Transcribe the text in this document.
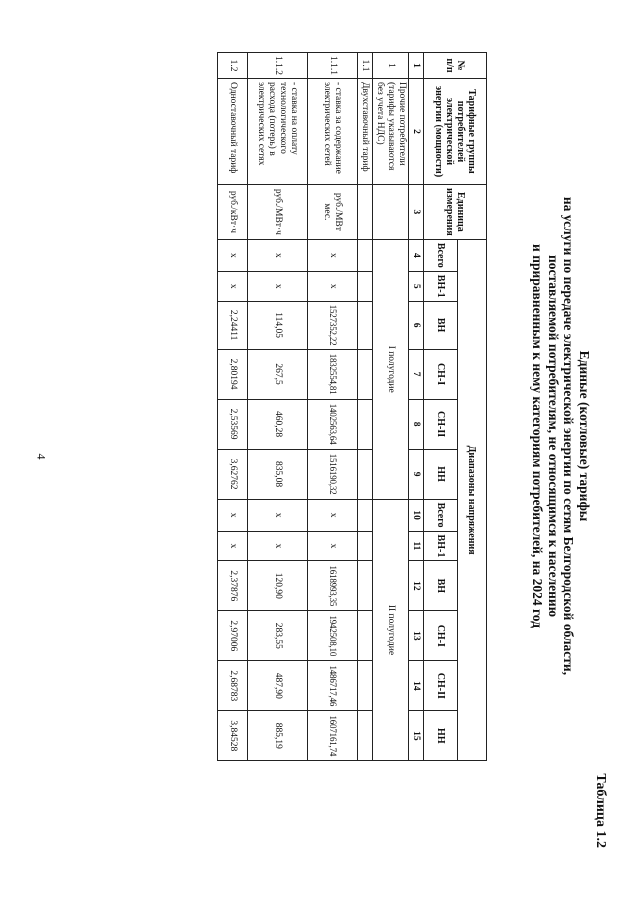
4
Таблица 1.2
Единые (котловые) тарифы
на услуги по передаче электрической энергии по сетям Белгородской области,
поставляемой потребителям, не относящимся к населению
и приравненным к нему категориям потребителей, на 2024 год
№ п/п	Тарифные группы потребителей электрической энергии (мощности)	Единица измерения	Диапазоны напряжения											
			Всего	ВН-1	ВН	СН-I	СН-II	НН	Всего	ВН-1	ВН	СН-I	СН-II	НН
1	2	3	4	5	6	7	8	9	10	11	12	13	14	15
1	Прочие потребители (тарифы указываются без учета НДС)		I полугодие						II полугодие					
1.1	Двухставочный тариф													
1.1.1	- ставка за содержание электрических сетей	руб./МВт мес.	x	x	1527352,22	1832554,81	1402563,64	1516190,32	x	x	1618993,35	1942508,10	1486717,46	1607161,74
1.1.2	- ставка на оплату технологического расхода (потерь) в электрических сетях	руб./МВт·ч	x	x	114,05	267,5	460,28	835,08	x	x	120,90	283,55	487,90	885,19
1.2	Одноставочный тариф	руб./кВт·ч	x	x	2,24411	2,80194	2,53569	3,62762	x	x	2,37876	2,97006	2,68783	3,84528
